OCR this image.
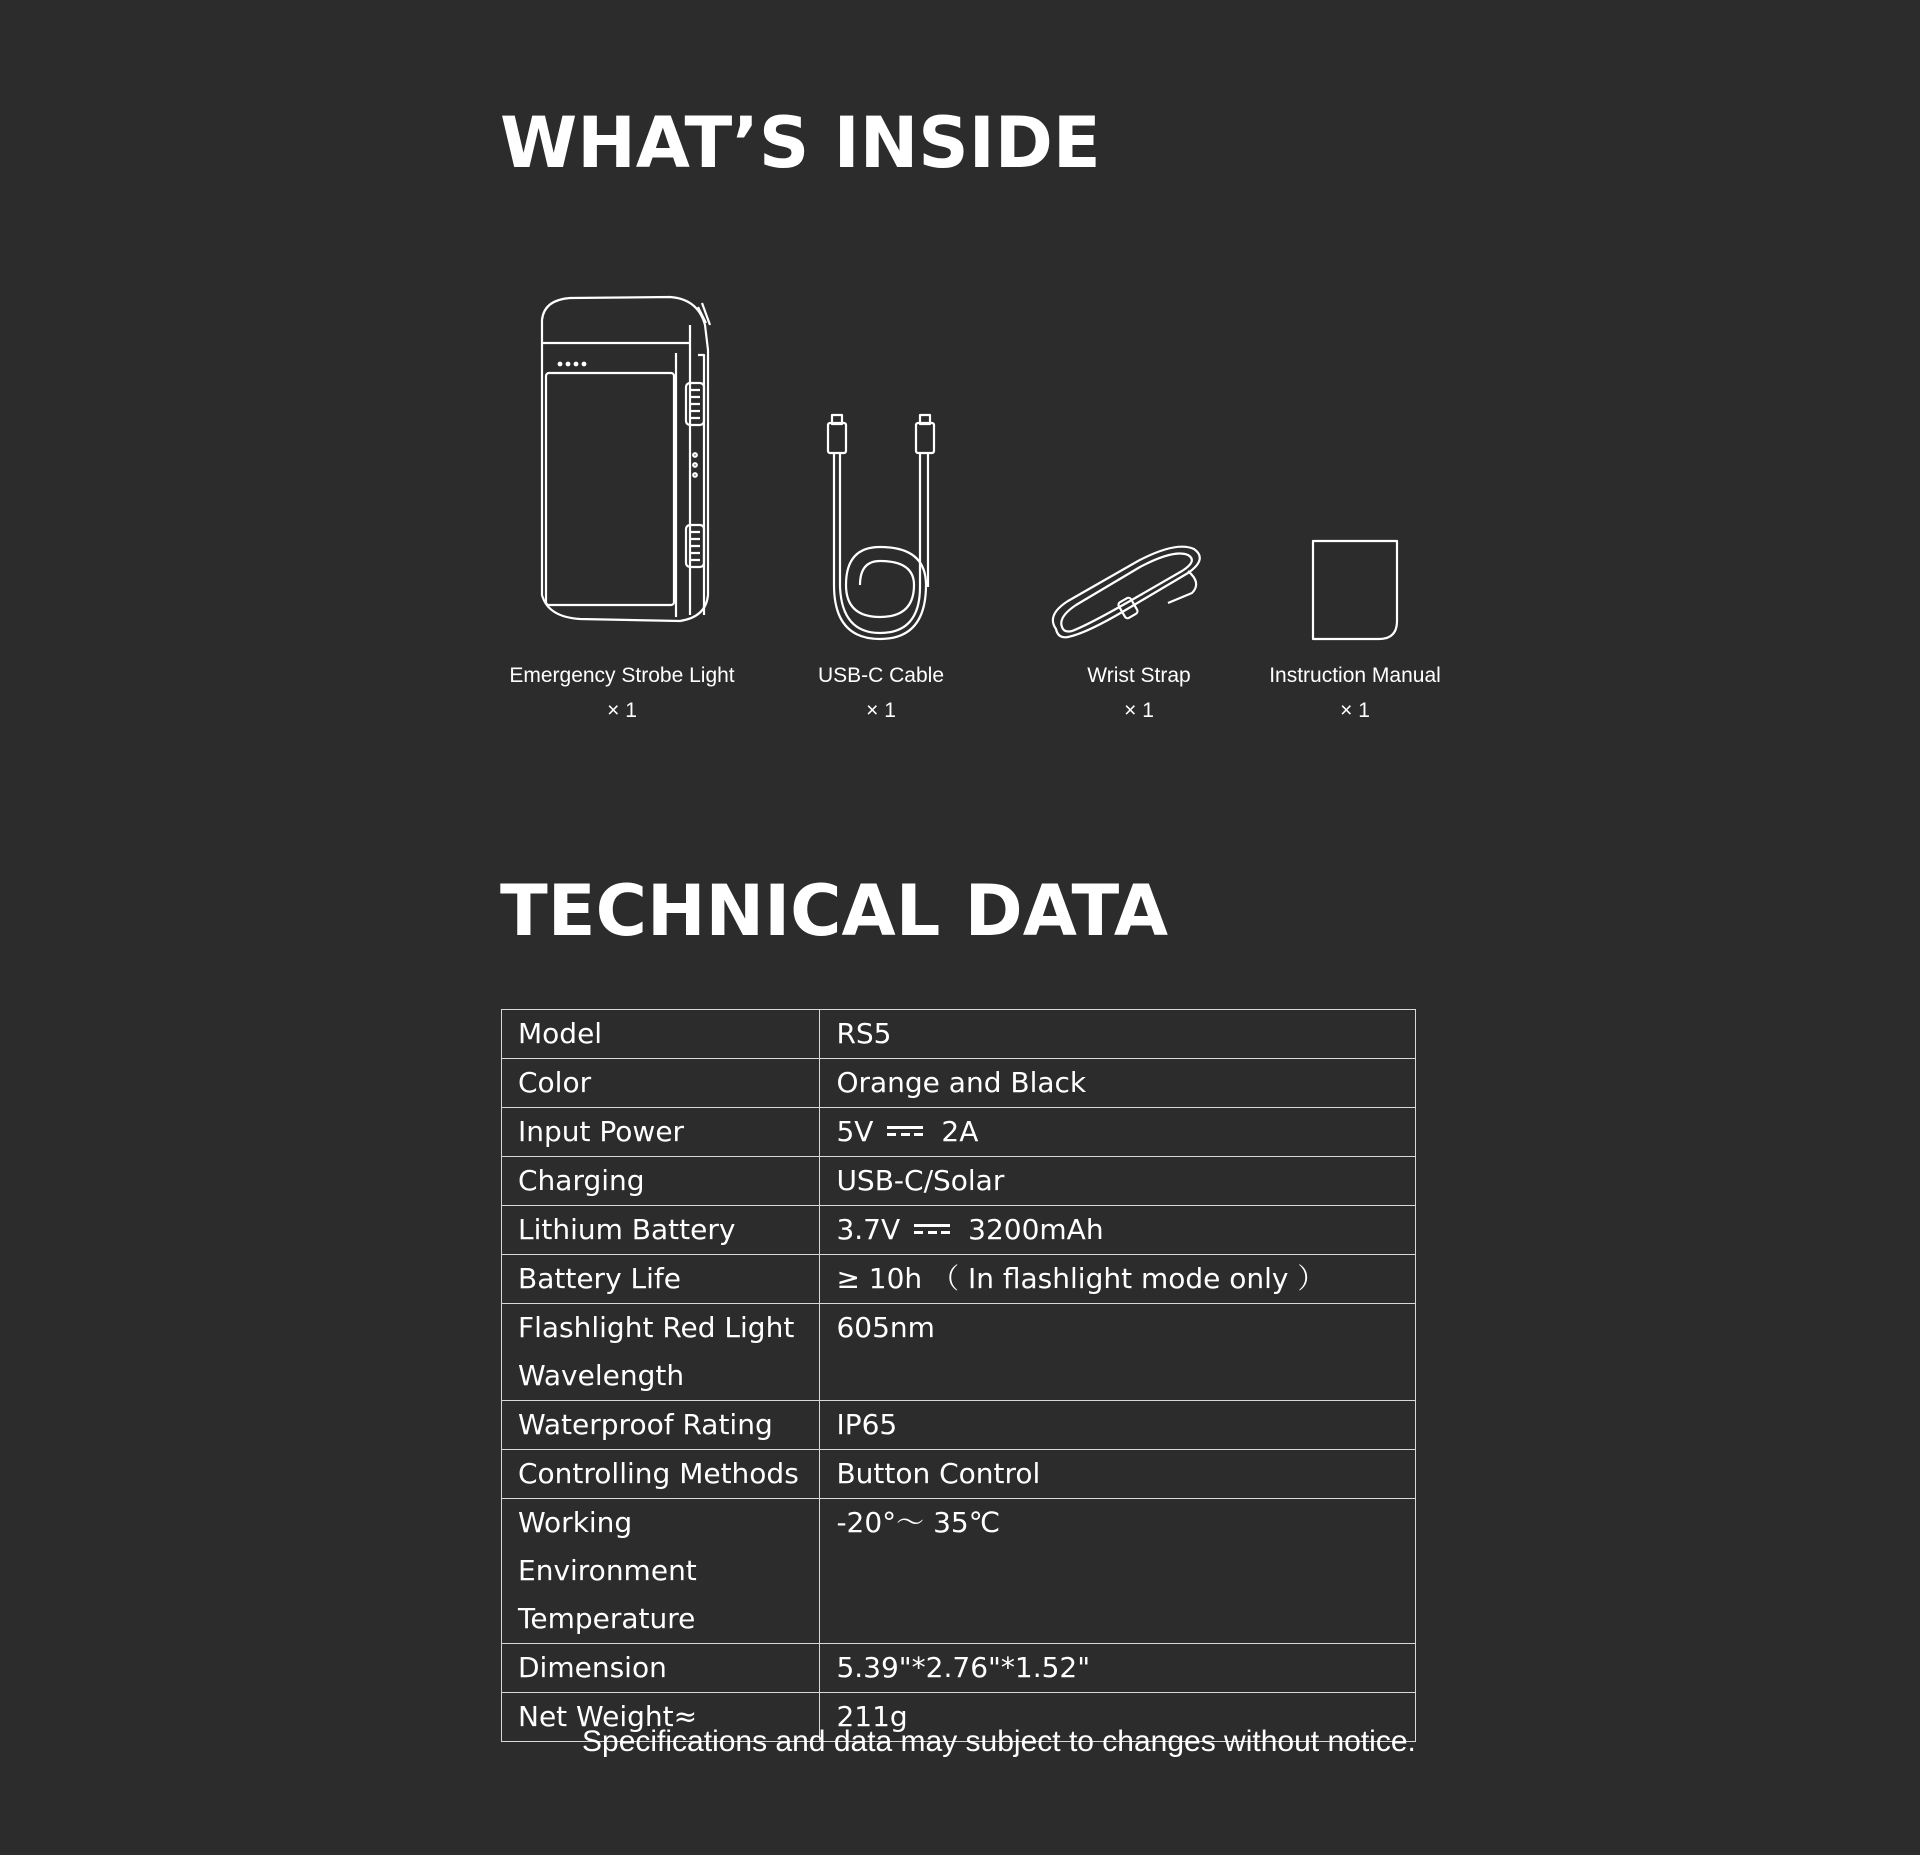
WHAT’S INSIDE
Emergency Strobe Light
× 1
USB-C Cable
× 1
Wrist Strap
× 1
Instruction Manual
× 1
TECHNICAL DATA
Model	RS5
Color	Orange and Black
Input Power	5V 2A
Charging	USB-C/Solar
Lithium Battery	3.7V 3200mAh
Battery Life	≥ 10h （ In flashlight mode only ）
Flashlight Red Light Wavelength	605nm
Waterproof Rating	IP65
Controlling Methods	Button Control
Working Environment Temperature	-20°～ 35℃
Dimension	5.39"*2.76"*1.52"
Net Weight≈	211g
Specifications and data may subject to changes without notice.
